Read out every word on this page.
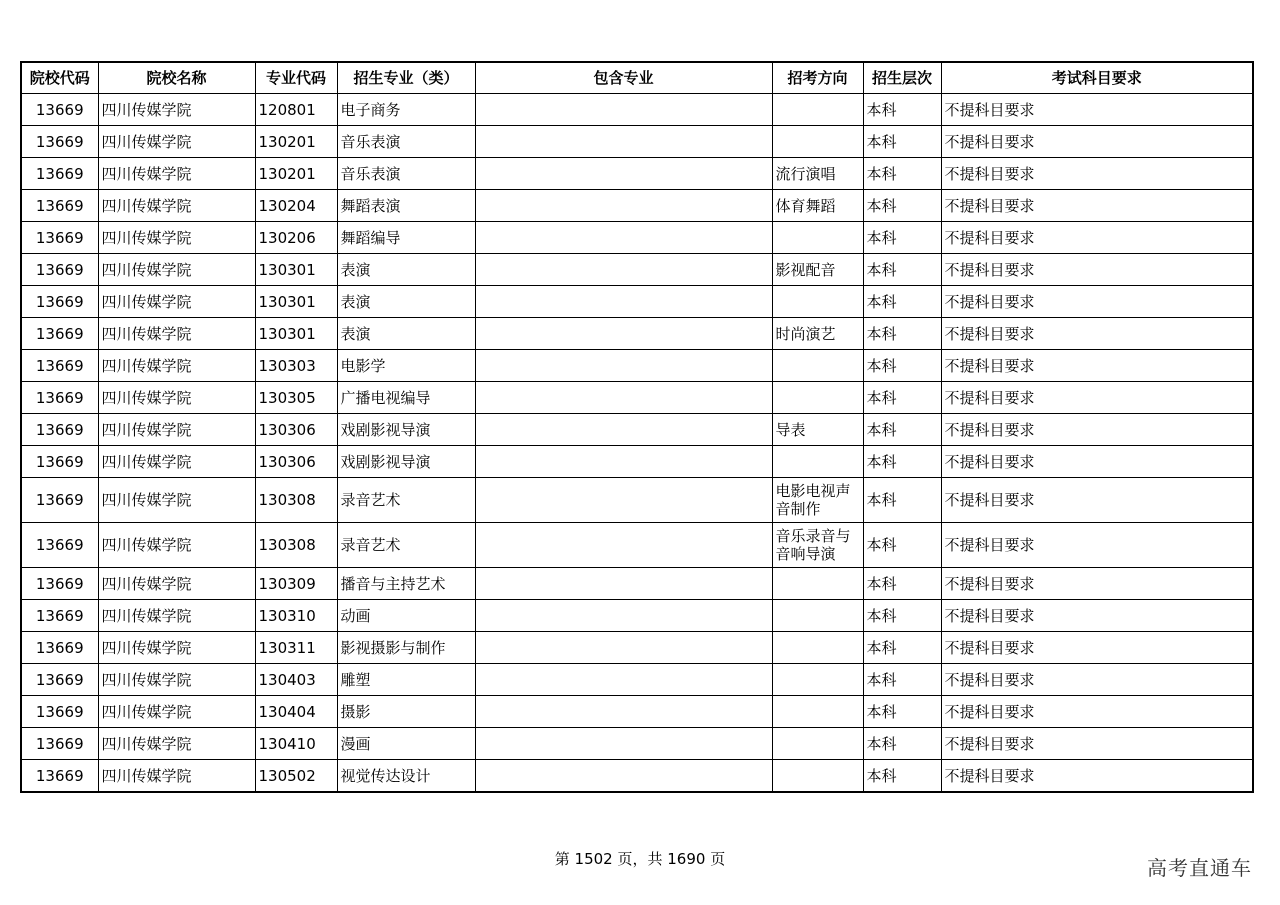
院校代码	院校名称	专业代码	招生专业（类）	包含专业	招考方向	招生层次	考试科目要求
13669	四川传媒学院	120801	电子商务			本科	不提科目要求
13669	四川传媒学院	130201	音乐表演			本科	不提科目要求
13669	四川传媒学院	130201	音乐表演		流行演唱	本科	不提科目要求
13669	四川传媒学院	130204	舞蹈表演		体育舞蹈	本科	不提科目要求
13669	四川传媒学院	130206	舞蹈编导			本科	不提科目要求
13669	四川传媒学院	130301	表演		影视配音	本科	不提科目要求
13669	四川传媒学院	130301	表演			本科	不提科目要求
13669	四川传媒学院	130301	表演		时尚演艺	本科	不提科目要求
13669	四川传媒学院	130303	电影学			本科	不提科目要求
13669	四川传媒学院	130305	广播电视编导			本科	不提科目要求
13669	四川传媒学院	130306	戏剧影视导演		导表	本科	不提科目要求
13669	四川传媒学院	130306	戏剧影视导演			本科	不提科目要求
13669	四川传媒学院	130308	录音艺术		电影电视声音制作	本科	不提科目要求
13669	四川传媒学院	130308	录音艺术		音乐录音与音响导演	本科	不提科目要求
13669	四川传媒学院	130309	播音与主持艺术			本科	不提科目要求
13669	四川传媒学院	130310	动画			本科	不提科目要求
13669	四川传媒学院	130311	影视摄影与制作			本科	不提科目要求
13669	四川传媒学院	130403	雕塑			本科	不提科目要求
13669	四川传媒学院	130404	摄影			本科	不提科目要求
13669	四川传媒学院	130410	漫画			本科	不提科目要求
13669	四川传媒学院	130502	视觉传达设计			本科	不提科目要求
第 1502 页，共 1690 页	高考直通车
